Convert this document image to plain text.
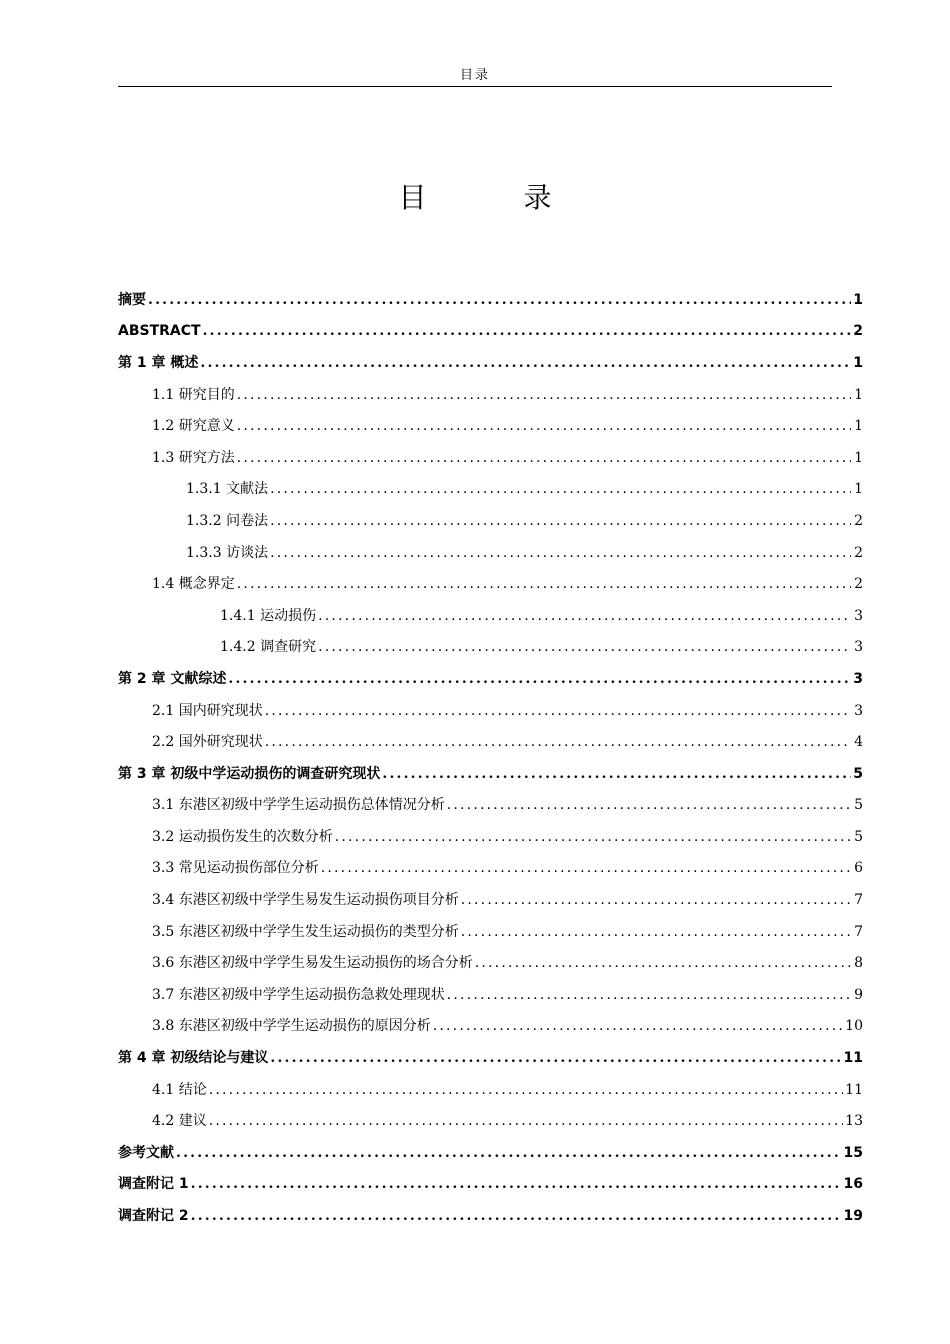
目录
目 录
摘要 .....	1
ABSTRACT .....	2
第 1 章 概述 .....	1
1.1 研究目的 .....	1
1.2 研究意义 .....	1
1.3 研究方法 .....	1
1.3.1 文献法 .....	1
1.3.2 问卷法 .....	2
1.3.3 访谈法 .....	2
1.4 概念界定 .....	2
1.4.1 运动损伤 .....	3
1.4.2 调查研究 .....	3
第 2 章 文献综述 .....	3
2.1 国内研究现状 .....	3
2.2 国外研究现状 .....	4
第 3 章 初级中学运动损伤的调查研究现状 .....	5
3.1 东港区初级中学学生运动损伤总体情况分析 .....	5
3.2 运动损伤发生的次数分析 .....	5
3.3 常见运动损伤部位分析 .....	6
3.4 东港区初级中学学生易发生运动损伤项目分析 .....	7
3.5 东港区初级中学学生发生运动损伤的类型分析 .....	7
3.6 东港区初级中学学生易发生运动损伤的场合分析 .....	8
3.7 东港区初级中学学生运动损伤急救处理现状 .....	9
3.8 东港区初级中学学生运动损伤的原因分析 .....	10
第 4 章 初级结论与建议 .....	11
4.1 结论 .....	11
4.2 建议 .....	13
参考文献 .....	15
调查附记 1 .....	16
调查附记 2 .....	19
